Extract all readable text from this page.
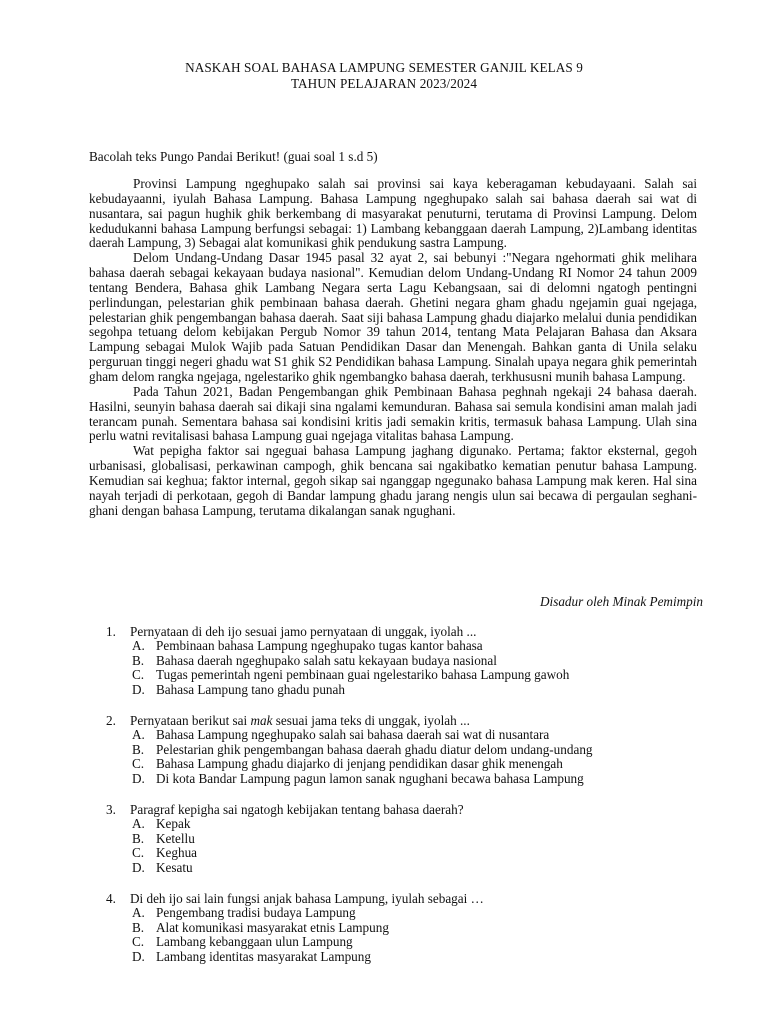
NASKAH SOAL BAHASA LAMPUNG SEMESTER GANJIL KELAS 9
TAHUN PELAJARAN 2023/2024
Bacolah teks Pungo Pandai Berikut! (guai soal 1 s.d 5)

Provinsi Lampung ngeghupako salah sai provinsi sai kaya keberagaman kebudayaani. Salah sai kebudayaanni, iyulah Bahasa Lampung. Bahasa Lampung ngeghupako salah sai bahasa daerah sai wat di nusantara, sai pagun hughik ghik berkembang di masyarakat penuturni, terutama di Provinsi Lampung. Delom kedudukanni bahasa Lampung berfungsi sebagai: 1) Lambang kebanggaan daerah Lampung, 2)Lambang identitas daerah Lampung, 3) Sebagai alat komunikasi ghik pendukung sastra Lampung.

Delom Undang-Undang Dasar 1945 pasal 32 ayat 2, sai bebunyi :"Negara ngehormati ghik melihara bahasa daerah sebagai kekayaan budaya nasional". Kemudian delom Undang-Undang RI Nomor 24 tahun 2009 tentang Bendera, Bahasa ghik Lambang Negara serta Lagu Kebangsaan, sai di delomni ngatogh pentingni perlindungan, pelestarian ghik pembinaan bahasa daerah. Ghetini negara gham ghadu ngejamin guai ngejaga, pelestarian ghik pengembangan bahasa daerah. Saat siji bahasa Lampung ghadu diajarko melalui dunia pendidikan segohpa tetuang delom kebijakan Pergub Nomor 39 tahun 2014, tentang Mata Pelajaran Bahasa dan Aksara Lampung sebagai Mulok Wajib pada Satuan Pendidikan Dasar dan Menengah. Bahkan ganta di Unila selaku perguruan tinggi negeri ghadu wat S1 ghik S2 Pendidikan bahasa Lampung. Sinalah upaya negara ghik pemerintah gham delom rangka ngejaga, ngelestariko ghik ngembangko bahasa daerah, terkhususni munih bahasa Lampung.

Pada Tahun 2021, Badan Pengembangan ghik Pembinaan Bahasa peghnah ngekaji 24 bahasa daerah. Hasilni, seunyin bahasa daerah sai dikaji sina ngalami kemunduran. Bahasa sai semula kondisini aman malah jadi terancam punah. Sementara bahasa sai kondisini kritis jadi semakin kritis, termasuk bahasa Lampung. Ulah sina perlu watni revitalisasi bahasa Lampung guai ngejaga vitalitas bahasa Lampung.

Wat pepigha faktor sai ngeguai bahasa Lampung jaghang digunako. Pertama; faktor eksternal, gegoh urbanisasi, globalisasi, perkawinan campogh, ghik bencana sai ngakibatko kematian penutur bahasa Lampung. Kemudian sai keghua; faktor internal, gegoh sikap sai nganggap ngegunako bahasa Lampung mak keren. Hal sina nayah terjadi di perkotaan, gegoh di Bandar lampung ghadu jarang nengis ulun sai becawa di pergaulan seghani-ghani dengan bahasa Lampung, terutama dikalangan sanak ngughani.

Disadur oleh Minak Pemimpin
1. Pernyataan di deh ijo sesuai jamo pernyataan di unggak, iyolah ...
A. Pembinaan bahasa Lampung ngeghupako tugas kantor bahasa
B. Bahasa daerah ngeghupako salah satu kekayaan budaya nasional
C. Tugas pemerintah ngeni pembinaan guai ngelestariko bahasa Lampung gawoh
D. Bahasa Lampung tano ghadu punah
2. Pernyataan berikut sai mak sesuai jama teks di unggak, iyolah ...
A. Bahasa Lampung ngeghupako salah sai bahasa daerah sai wat di nusantara
B. Pelestarian ghik pengembangan bahasa daerah ghadu diatur delom undang-undang
C. Bahasa Lampung ghadu diajarko di jenjang pendidikan dasar ghik menengah
D. Di kota Bandar Lampung pagun lamon sanak ngughani becawa bahasa Lampung
3. Paragraf kepigha sai ngatogh kebijakan tentang bahasa daerah?
A. Kepak
B. Ketellu
C. Keghua
D. Kesatu
4. Di deh ijo sai lain fungsi anjak bahasa Lampung, iyulah sebagai …
A. Pengembang tradisi budaya Lampung
B. Alat komunikasi masyarakat etnis Lampung
C. Lambang kebanggaan ulun Lampung
D. Lambang identitas masyarakat Lampung
